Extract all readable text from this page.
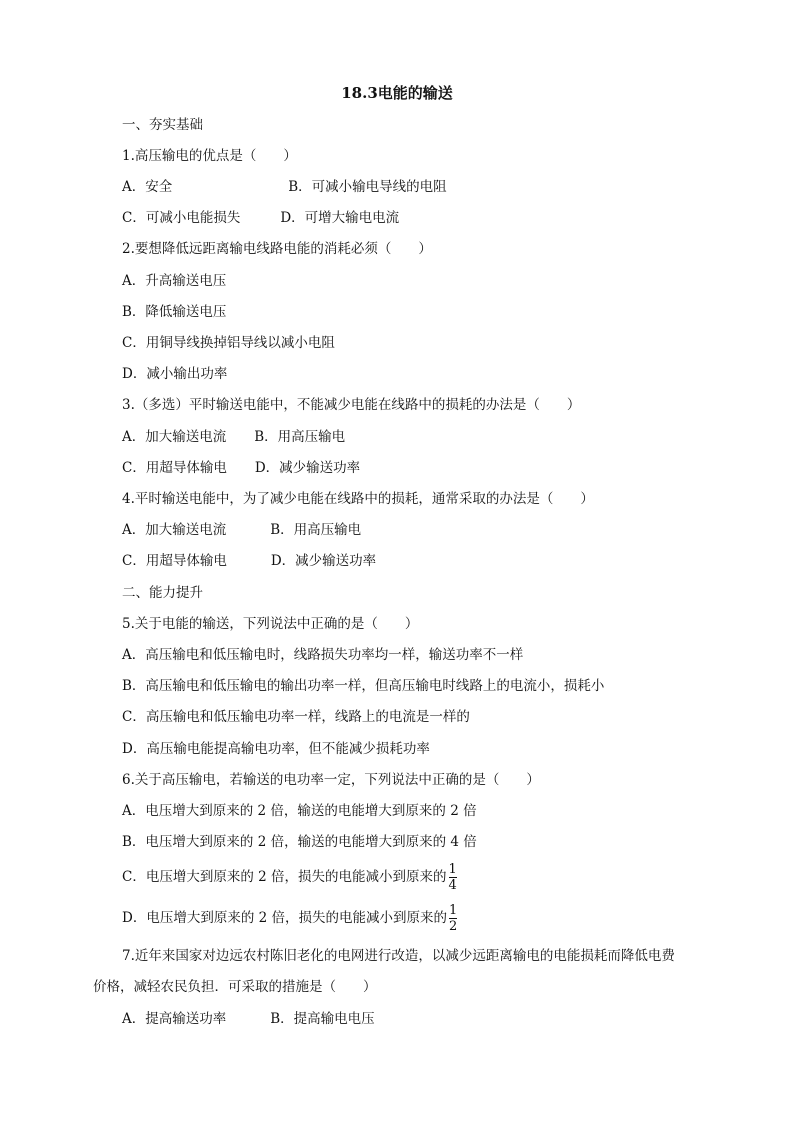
18.3电能的输送
一、夯实基础
1.高压输电的优点是（　　）
A．安全	B．可减小输电导线的电阻
C．可减小电能损失	D．可增大输电电流
2.要想降低远距离输电线路电能的消耗必须（　　）
A．升高输送电压
B．降低输送电压
C．用铜导线换掉铝导线以减小电阻
D．减小输出功率
3.（多选）平时输送电能中，不能减少电能在线路中的损耗的办法是（　　）
A．加大输送电流 B．用高压输电
C．用超导体输电 D．减少输送功率
4.平时输送电能中，为了减少电能在线路中的损耗，通常采取的办法是（　　）
A．加大输送电流	B．用高压输电
C．用超导体输电	D．减少输送功率
二、能力提升
5.关于电能的输送，下列说法中正确的是（　　）
A．高压输电和低压输电时，线路损失功率均一样，输送功率不一样
B．高压输电和低压输电的输出功率一样，但高压输电时线路上的电流小，损耗小
C．高压输电和低压输电功率一样，线路上的电流是一样的
D．高压输电能提高输电功率，但不能减少损耗功率
6.关于高压输电，若输送的电功率一定，下列说法中正确的是（　　）
A．电压增大到原来的 2 倍，输送的电能增大到原来的 2 倍
B．电压增大到原来的 2 倍，输送的电能增大到原来的 4 倍
C．电压增大到原来的 2 倍，损失的电能减小到原来的 $\frac{1}{4}$
D．电压增大到原来的 2 倍，损失的电能减小到原来的 $\frac{1}{2}$
7.近年来国家对边远农村陈旧老化的电网进行改造，以减少远距离输电的电能损耗而降低电费
价格，减轻农民负担．可采取的措施是（　　）
A．提高输送功率	B．提高输电电压
